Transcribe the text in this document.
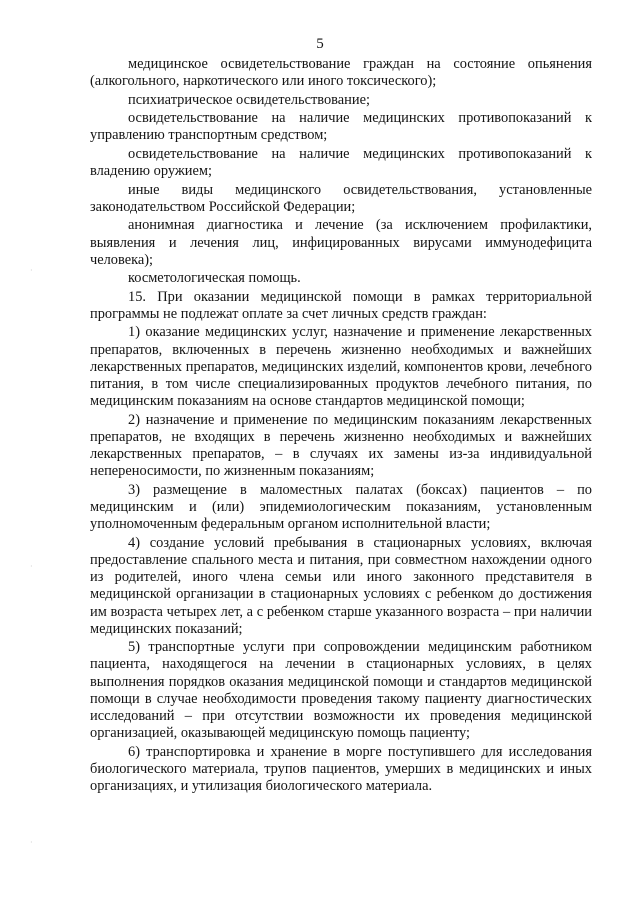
5
·
·
·

медицинское освидетельствование граждан на состояние опьянения (алкогольного, наркотического или иного токсического);

психиатрическое освидетельствование;

освидетельствование на наличие медицинских противопоказаний к управлению транспортным средством;

освидетельствование на наличие медицинских противопоказаний к владению оружием;

иные виды медицинского освидетельствования, установленные законодательством Российской Федерации;

анонимная диагностика и лечение (за исключением профилактики, выявления и лечения лиц, инфицированных вирусами иммунодефицита человека);

косметологическая помощь.

15. При оказании медицинской помощи в рамках территориальной программы не подлежат оплате за счет личных средств граждан:

1) оказание медицинских услуг, назначение и применение лекарственных препаратов, включенных в перечень жизненно необходимых и важнейших лекарственных препаратов, медицинских изделий, компонентов крови, лечебного питания, в том числе специализированных продуктов лечебного питания, по медицинским показаниям на основе стандартов медицинской помощи;

2) назначение и применение по медицинским показаниям лекарственных препаратов, не входящих в перечень жизненно необходимых и важнейших лекарственных препаратов, – в случаях их замены из-за индивидуальной непереносимости, по жизненным показаниям;

3) размещение в маломестных палатах (боксах) пациентов – по медицинским и (или) эпидемиологическим показаниям, установленным уполномоченным федеральным органом исполнительной власти;

4) создание условий пребывания в стационарных условиях, включая предоставление спального места и питания, при совместном нахождении одного из родителей, иного члена семьи или иного законного представителя в медицинской организации в стационарных условиях с ребенком до достижения им возраста четырех лет, а с ребенком старше указанного возраста – при наличии медицинских показаний;

5) транспортные услуги при сопровождении медицинским работником пациента, находящегося на лечении в стационарных условиях, в целях выполнения порядков оказания медицинской помощи и стандартов медицинской помощи в случае необходимости проведения такому пациенту диагностических исследований – при отсутствии возможности их проведения медицинской организацией, оказывающей медицинскую помощь пациенту;

6) транспортировка и хранение в морге поступившего для исследования биологического материала, трупов пациентов, умерших в медицинских и иных организациях, и утилизация биологического материала.
